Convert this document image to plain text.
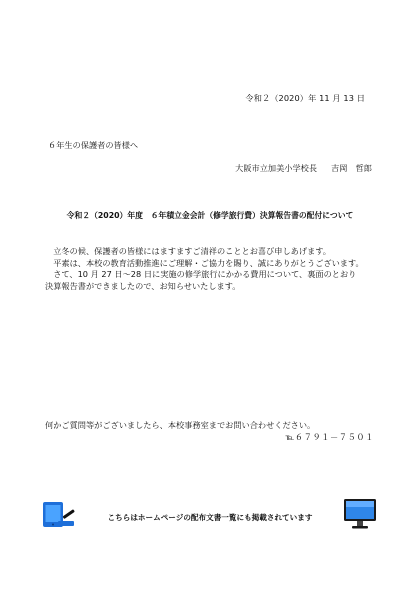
令和２（2020）年 11 月 13 日
６年生の保護者の皆様へ
大阪市立加美小学校長 吉岡　哲郎
令和２（2020）年度　６年積立金会計（修学旅行費）決算報告書の配付について

　立冬の候、保護者の皆様にはますますご清祥のこととお喜び申しあげます。

　平素は、本校の教育活動推進にご理解・ご協力を賜り、誠にありがとうございます。

　さて、10 月 27 日～28 日に実施の修学旅行にかかる費用について、裏面のとおり

決算報告書ができましたので、お知らせいたします。

何かご質問等がございましたら、本校事務室までお問い合わせください。
℡６７９１－７５０１
こちらはホームページの配布文書一覧にも掲載されています
